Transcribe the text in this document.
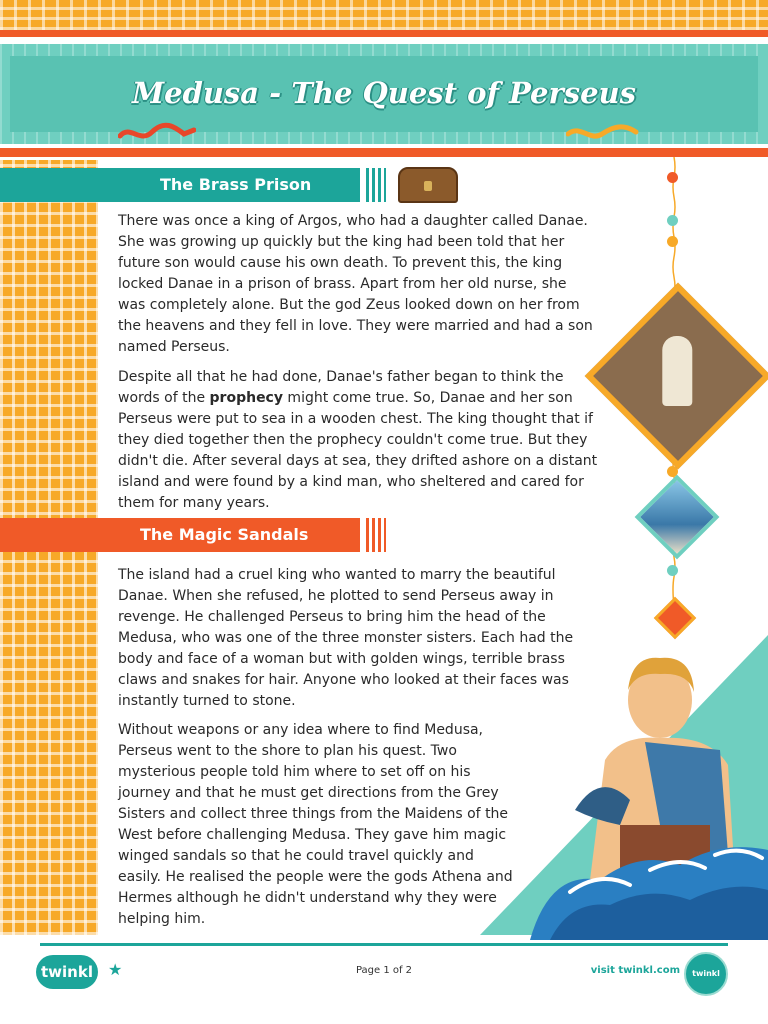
Medusa - The Quest of Perseus
The Brass Prison

There was once a king of Argos, who had a daughter called Danae. She was growing up quickly but the king had been told that her future son would cause his own death. To prevent this, the king locked Danae in a prison of brass. Apart from her old nurse, she was completely alone. But the god Zeus looked down on her from the heavens and they fell in love. They were married and had a son named Perseus.

Despite all that he had done, Danae's father began to think the words of the prophecy might come true. So, Danae and her son Perseus were put to sea in a wooden chest. The king thought that if they died together then the prophecy couldn't come true. But they didn't die. After several days at sea, they drifted ashore on a distant island and were found by a kind man, who sheltered and cared for them for many years.

The Magic Sandals

The island had a cruel king who wanted to marry the beautiful Danae. When she refused, he plotted to send Perseus away in revenge. He challenged Perseus to bring him the head of the Medusa, who was one of the three monster sisters. Each had the body and face of a woman but with golden wings, terrible brass claws and snakes for hair. Anyone who looked at their faces was instantly turned to stone.

Without weapons or any idea where to find Medusa, Perseus went to the shore to plan his quest. Two mysterious people told him where to set off on his journey and that he must get directions from the Grey Sisters and collect three things from the Maidens of the West before challenging Medusa. They gave him magic winged sandals so that he could travel quickly and easily. He realised the people were the gods Athena and Hermes although he didn't understand why they were helping him.

twinkl ★	Page 1 of 2	visit twinkl.com	twinkl
